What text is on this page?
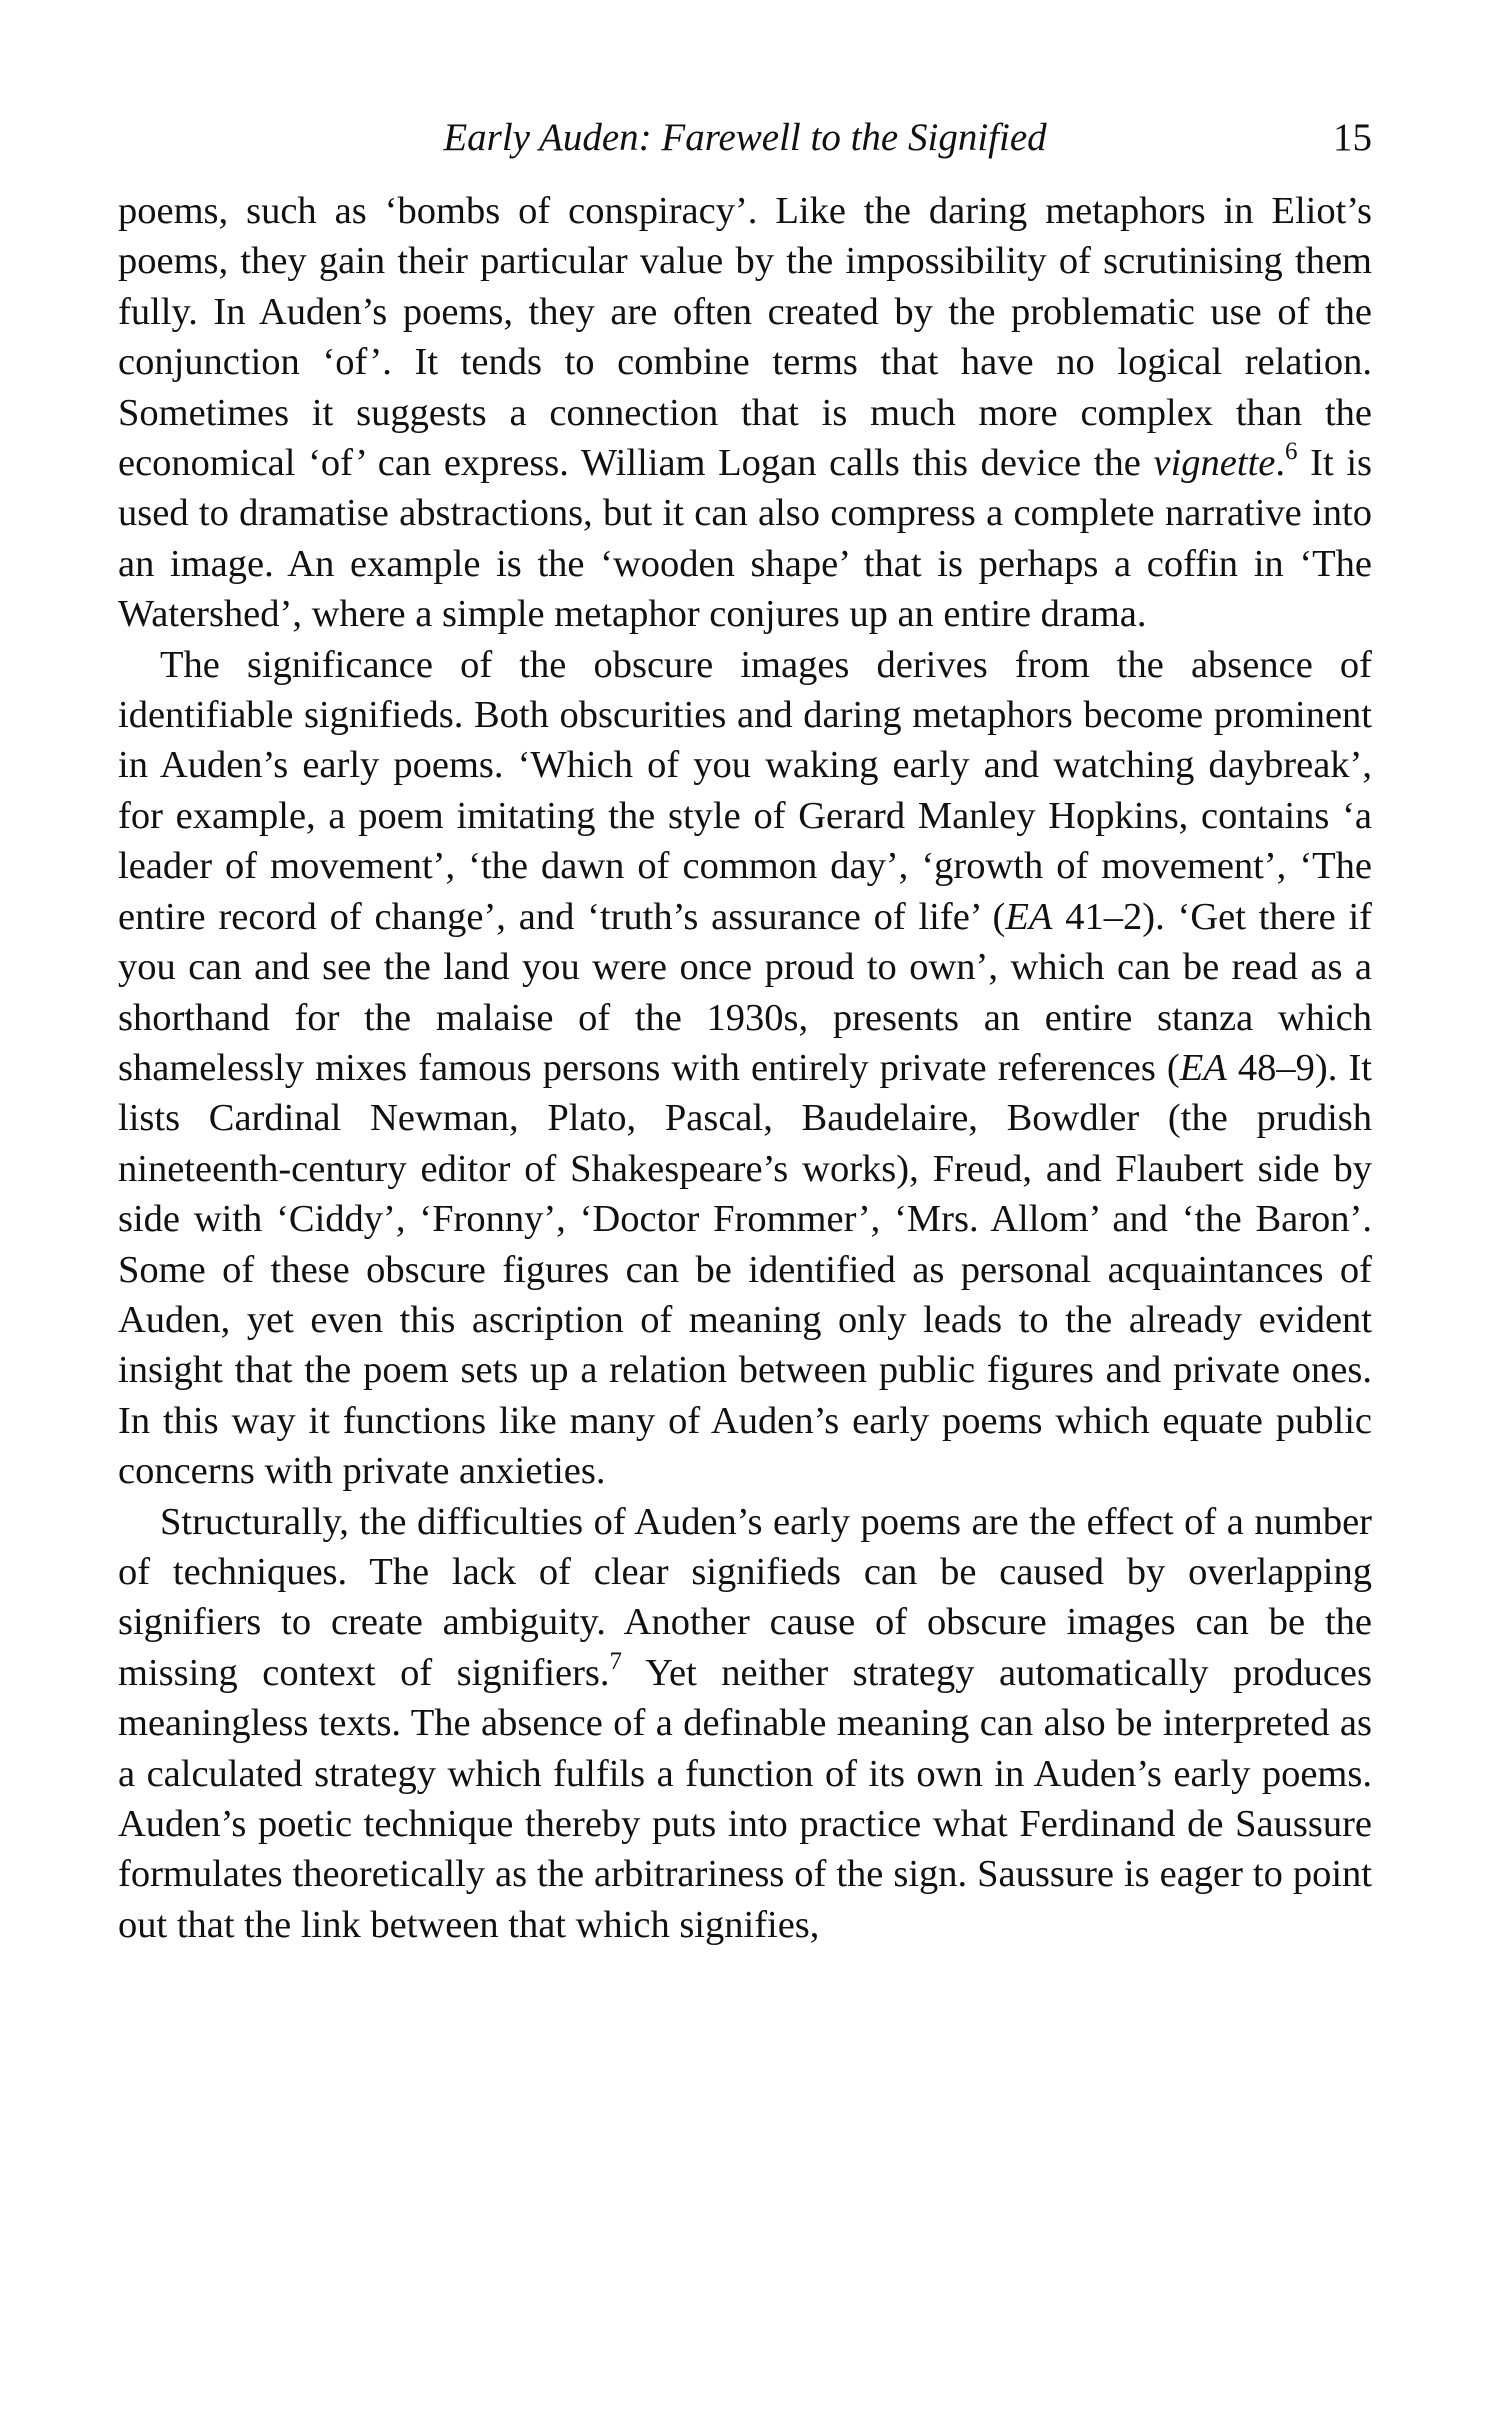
Early Auden: Farewell to the Signified	15

poems, such as ‘bombs of conspiracy’. Like the daring metaphors in Eliot’s poems, they gain their particular value by the impossibility of scrutinising them fully. In Auden’s poems, they are often created by the problematic use of the conjunction ‘of’. It tends to combine terms that have no logical relation. Sometimes it suggests a connection that is much more complex than the economical ‘of’ can express. William Logan calls this device the vignette.$^6$ It is used to dramatise abstractions, but it can also compress a complete narrative into an image. An example is the ‘wooden shape’ that is perhaps a coffin in ‘The Watershed’, where a simple metaphor conjures up an entire drama.

The significance of the obscure images derives from the absence of identifiable signifieds. Both obscurities and daring metaphors become prominent in Auden’s early poems. ‘Which of you waking early and watching daybreak’, for example, a poem imitating the style of Gerard Manley Hopkins, contains ‘a leader of movement’, ‘the dawn of common day’, ‘growth of movement’, ‘The entire record of change’, and ‘truth’s assurance of life’ (EA 41–2). ‘Get there if you can and see the land you were once proud to own’, which can be read as a shorthand for the malaise of the 1930s, presents an entire stanza which shamelessly mixes famous persons with entirely private references (EA 48–9). It lists Cardinal Newman, Plato, Pascal, Baudelaire, Bowdler (the prudish nineteenth-century editor of Shakespeare’s works), Freud, and Flaubert side by side with ‘Ciddy’, ‘Fronny’, ‘Doctor Frommer’, ‘Mrs. Allom’ and ‘the Baron’. Some of these obscure figures can be identified as personal acquaintances of Auden, yet even this ascription of meaning only leads to the already evident insight that the poem sets up a relation between public figures and private ones. In this way it functions like many of Auden’s early poems which equate public concerns with private anxieties.

Structurally, the difficulties of Auden’s early poems are the effect of a number of techniques. The lack of clear signifieds can be caused by overlapping signifiers to create ambiguity. Another cause of obscure images can be the missing context of signifiers.$^7$ Yet neither strategy automatically produces meaningless texts. The absence of a definable meaning can also be interpreted as a calculated strategy which fulfils a function of its own in Auden’s early poems. Auden’s poetic technique thereby puts into practice what Ferdinand de Saussure formulates theoretically as the arbitrariness of the sign. Saussure is eager to point out that the link between that which signifies,
